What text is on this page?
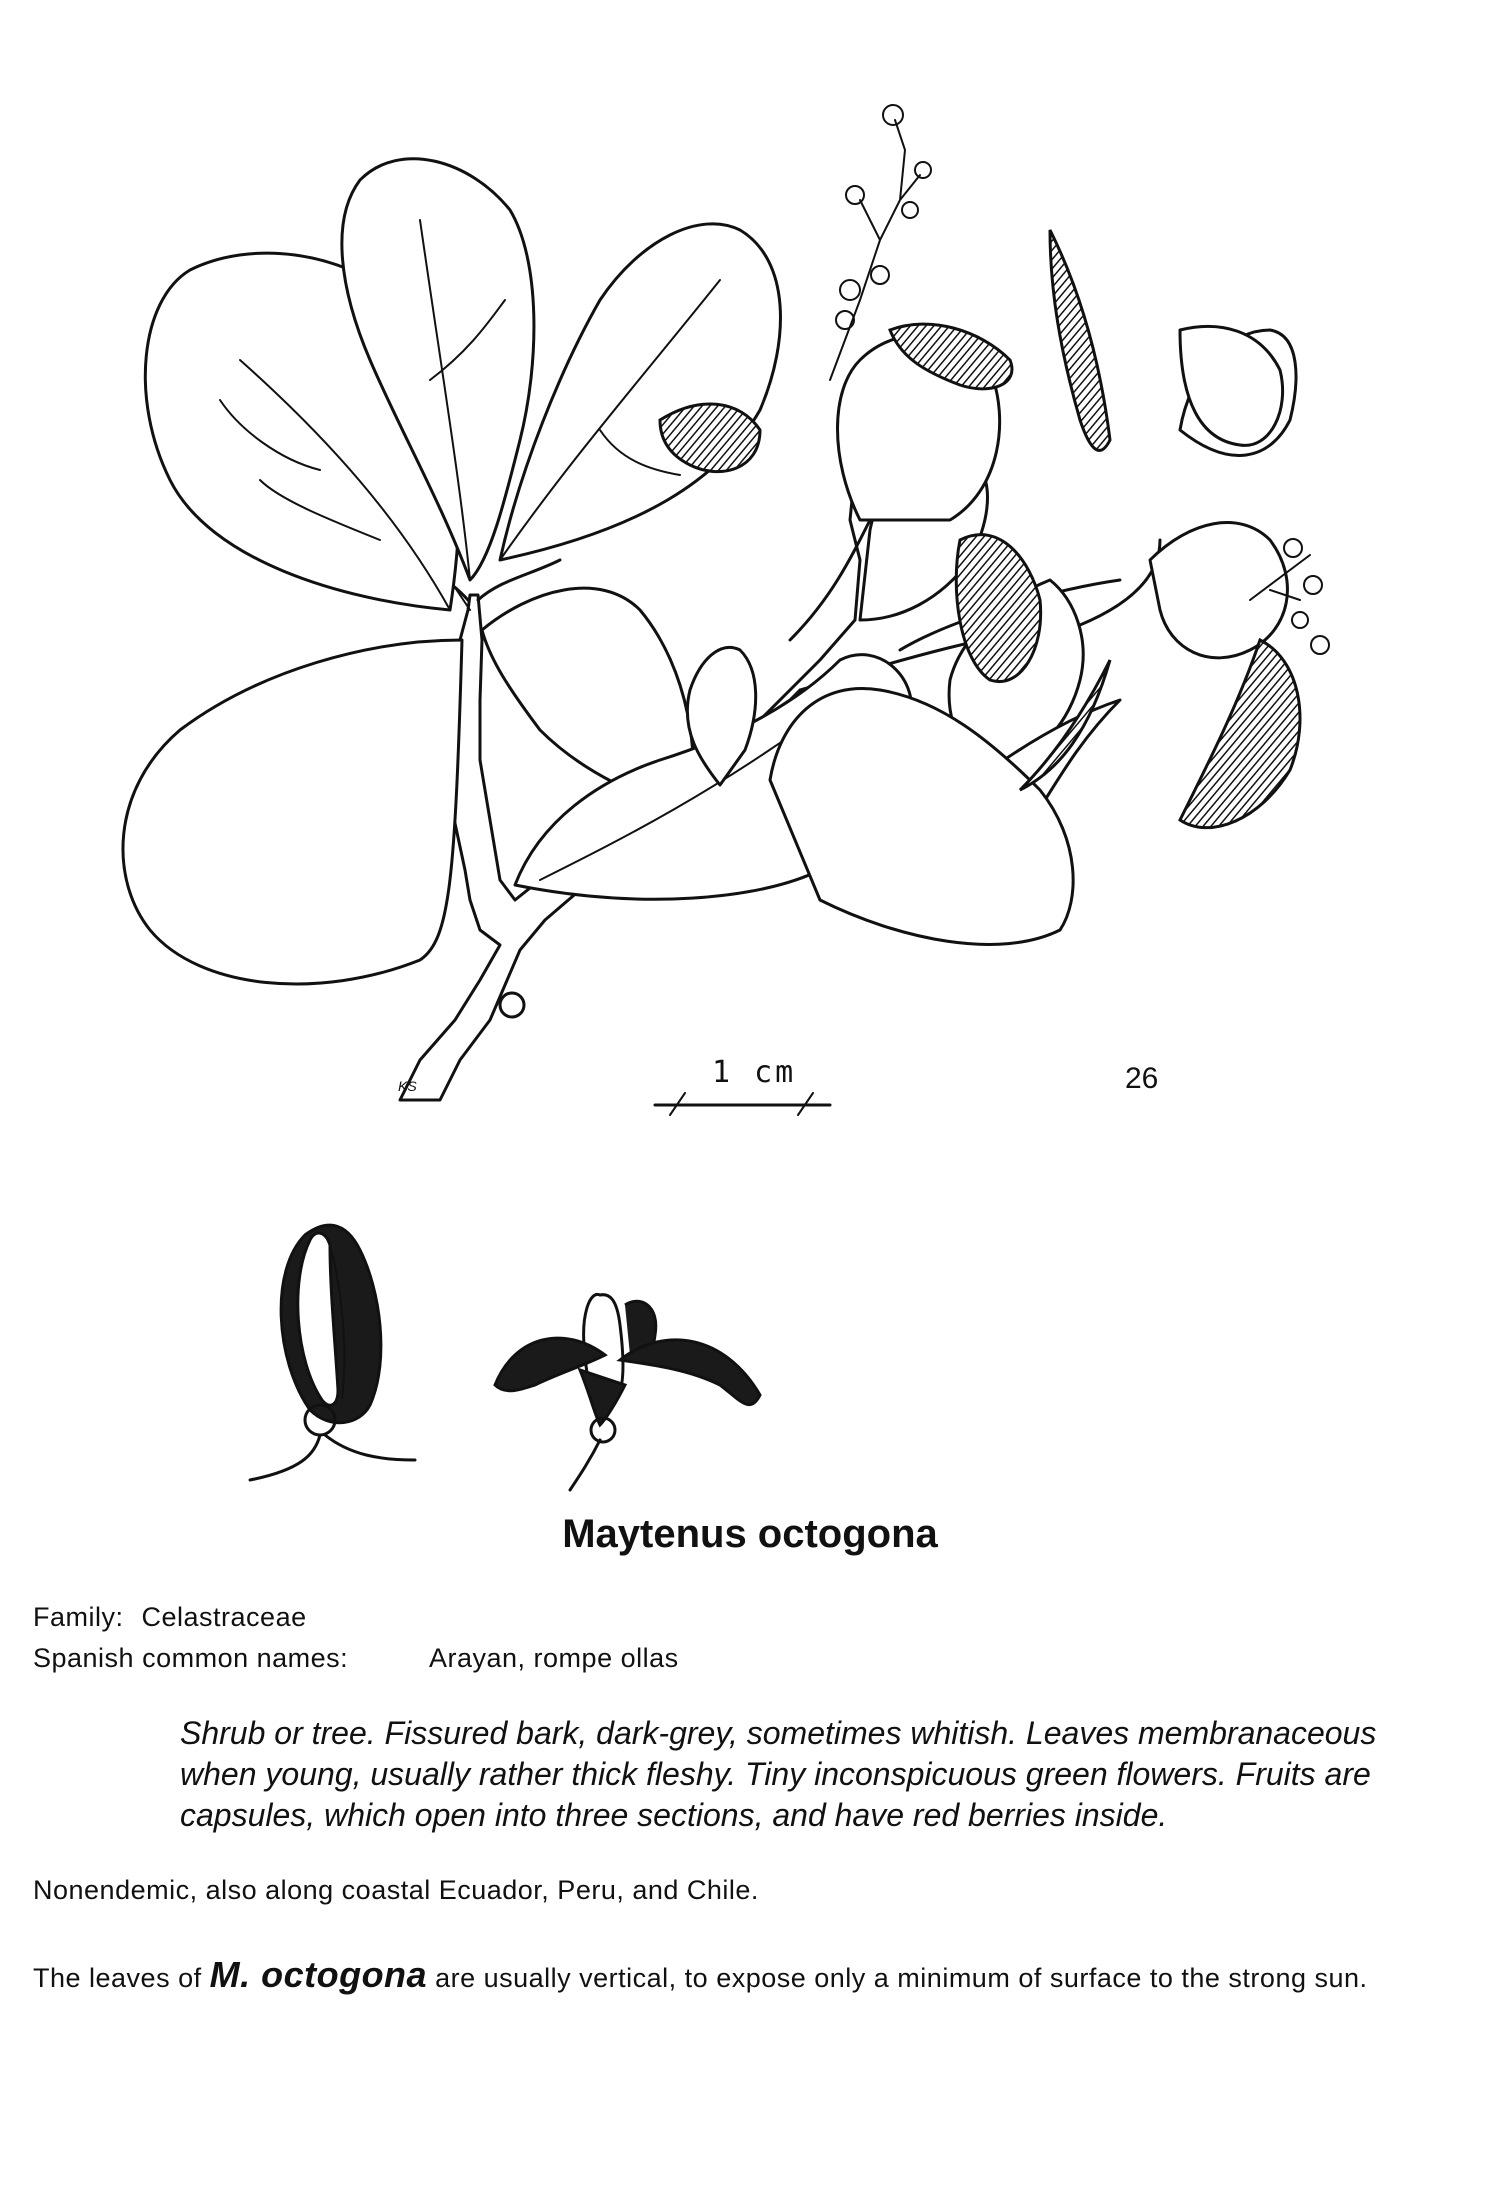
1 cm	26
KS
Maytenus octogona
Family: Celastraceae
Spanish common names:	Arayan, rompe ollas
Shrub or tree. Fissured bark, dark-grey, sometimes whitish. Leaves membranaceous when young, usually rather thick fleshy. Tiny inconspicuous green flowers. Fruits are capsules, which open into three sections, and have red berries inside.
Nonendemic, also along coastal Ecuador, Peru, and Chile.
The leaves of M. octogona are usually vertical, to expose only a minimum of surface to the strong sun.
